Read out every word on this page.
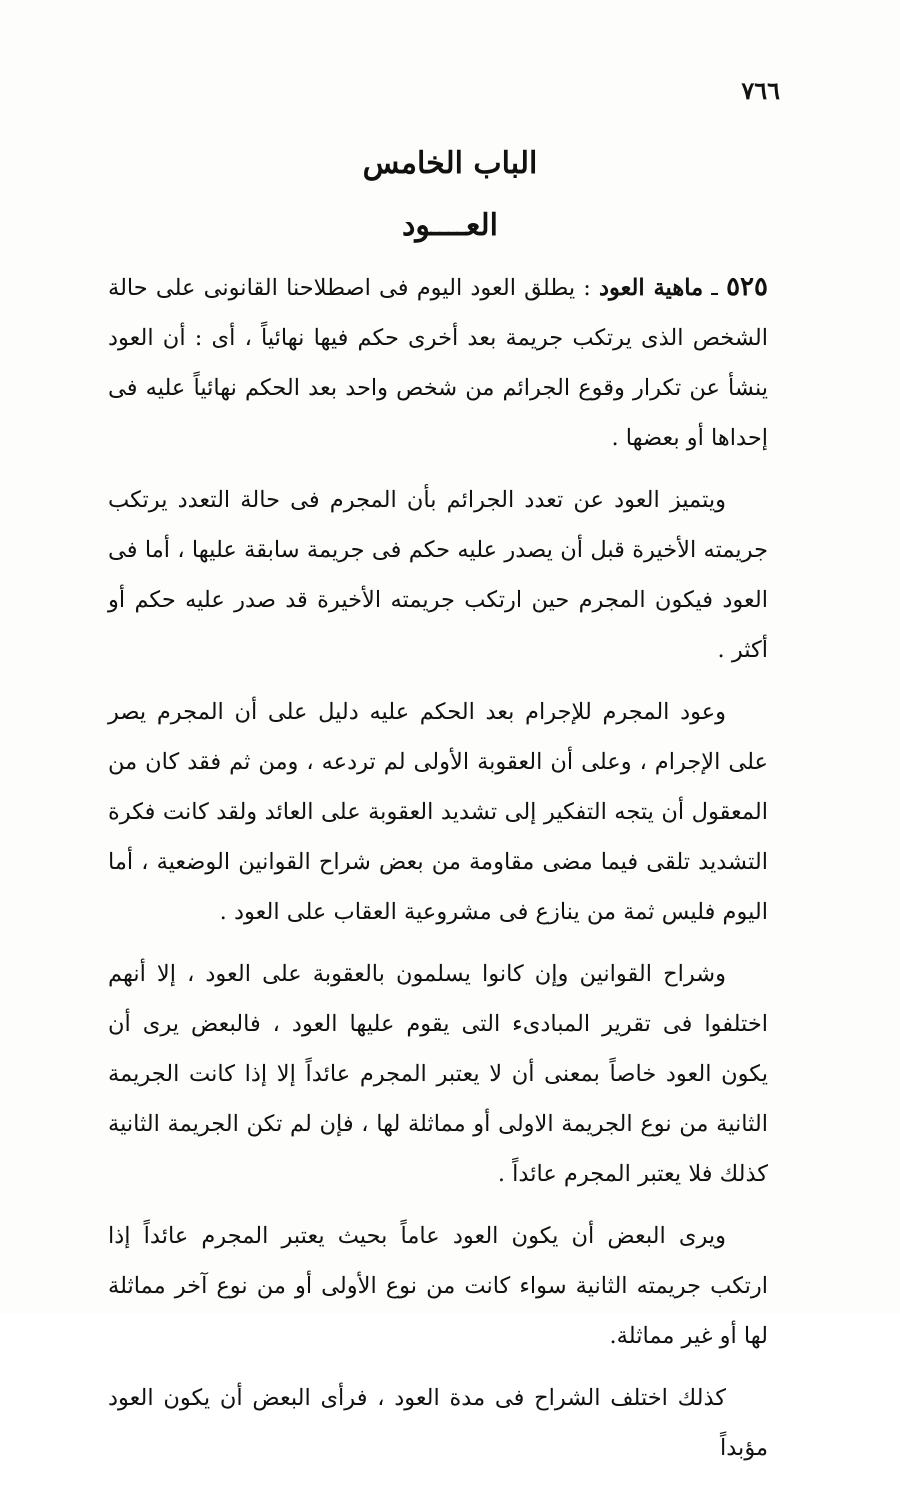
٧٦٦
الباب الخامس
العــــود

٥٢٥ ـ ماهية العود : يطلق العود اليوم فى اصطلاحنا القانونى على حالة الشخص الذى يرتكب جريمة بعد أخرى حكم فيها نهائياً ، أى : أن العود ينشأ عن تكرار وقوع الجرائم من شخص واحد بعد الحكم نهائياً عليه فى إحداها أو بعضها .

ويتميز العود عن تعدد الجرائم بأن المجرم فى حالة التعدد يرتكب جريمته الأخيرة قبل أن يصدر عليه حكم فى جريمة سابقة عليها ، أما فى العود فيكون المجرم حين ارتكب جريمته الأخيرة قد صدر عليه حكم أو أكثر .

وعود المجرم للإجرام بعد الحكم عليه دليل على أن المجرم يصر على الإجرام ، وعلى أن العقوبة الأولى لم تردعه ، ومن ثم فقد كان من المعقول أن يتجه التفكير إلى تشديد العقوبة على العائد ولقد كانت فكرة التشديد تلقى فيما مضى مقاومة من بعض شراح القوانين الوضعية ، أما اليوم فليس ثمة من ينازع فى مشروعية العقاب على العود .

وشراح القوانين وإن كانوا يسلمون بالعقوبة على العود ، إلا أنهم اختلفوا فى تقرير المبادىء التى يقوم عليها العود ، فالبعض يرى أن يكون العود خاصاً بمعنى أن لا يعتبر المجرم عائداً إلا إذا كانت الجريمة الثانية من نوع الجريمة الاولى أو مماثلة لها ، فإن لم تكن الجريمة الثانية كذلك فلا يعتبر المجرم عائداً .

ويرى البعض أن يكون العود عاماً بحيث يعتبر المجرم عائداً إذا ارتكب جريمته الثانية سواء كانت من نوع الأولى أو من نوع آخر مماثلة لها أو غير مماثلة.

كذلك اختلف الشراح فى مدة العود ، فرأى البعض أن يكون العود مؤبداً
